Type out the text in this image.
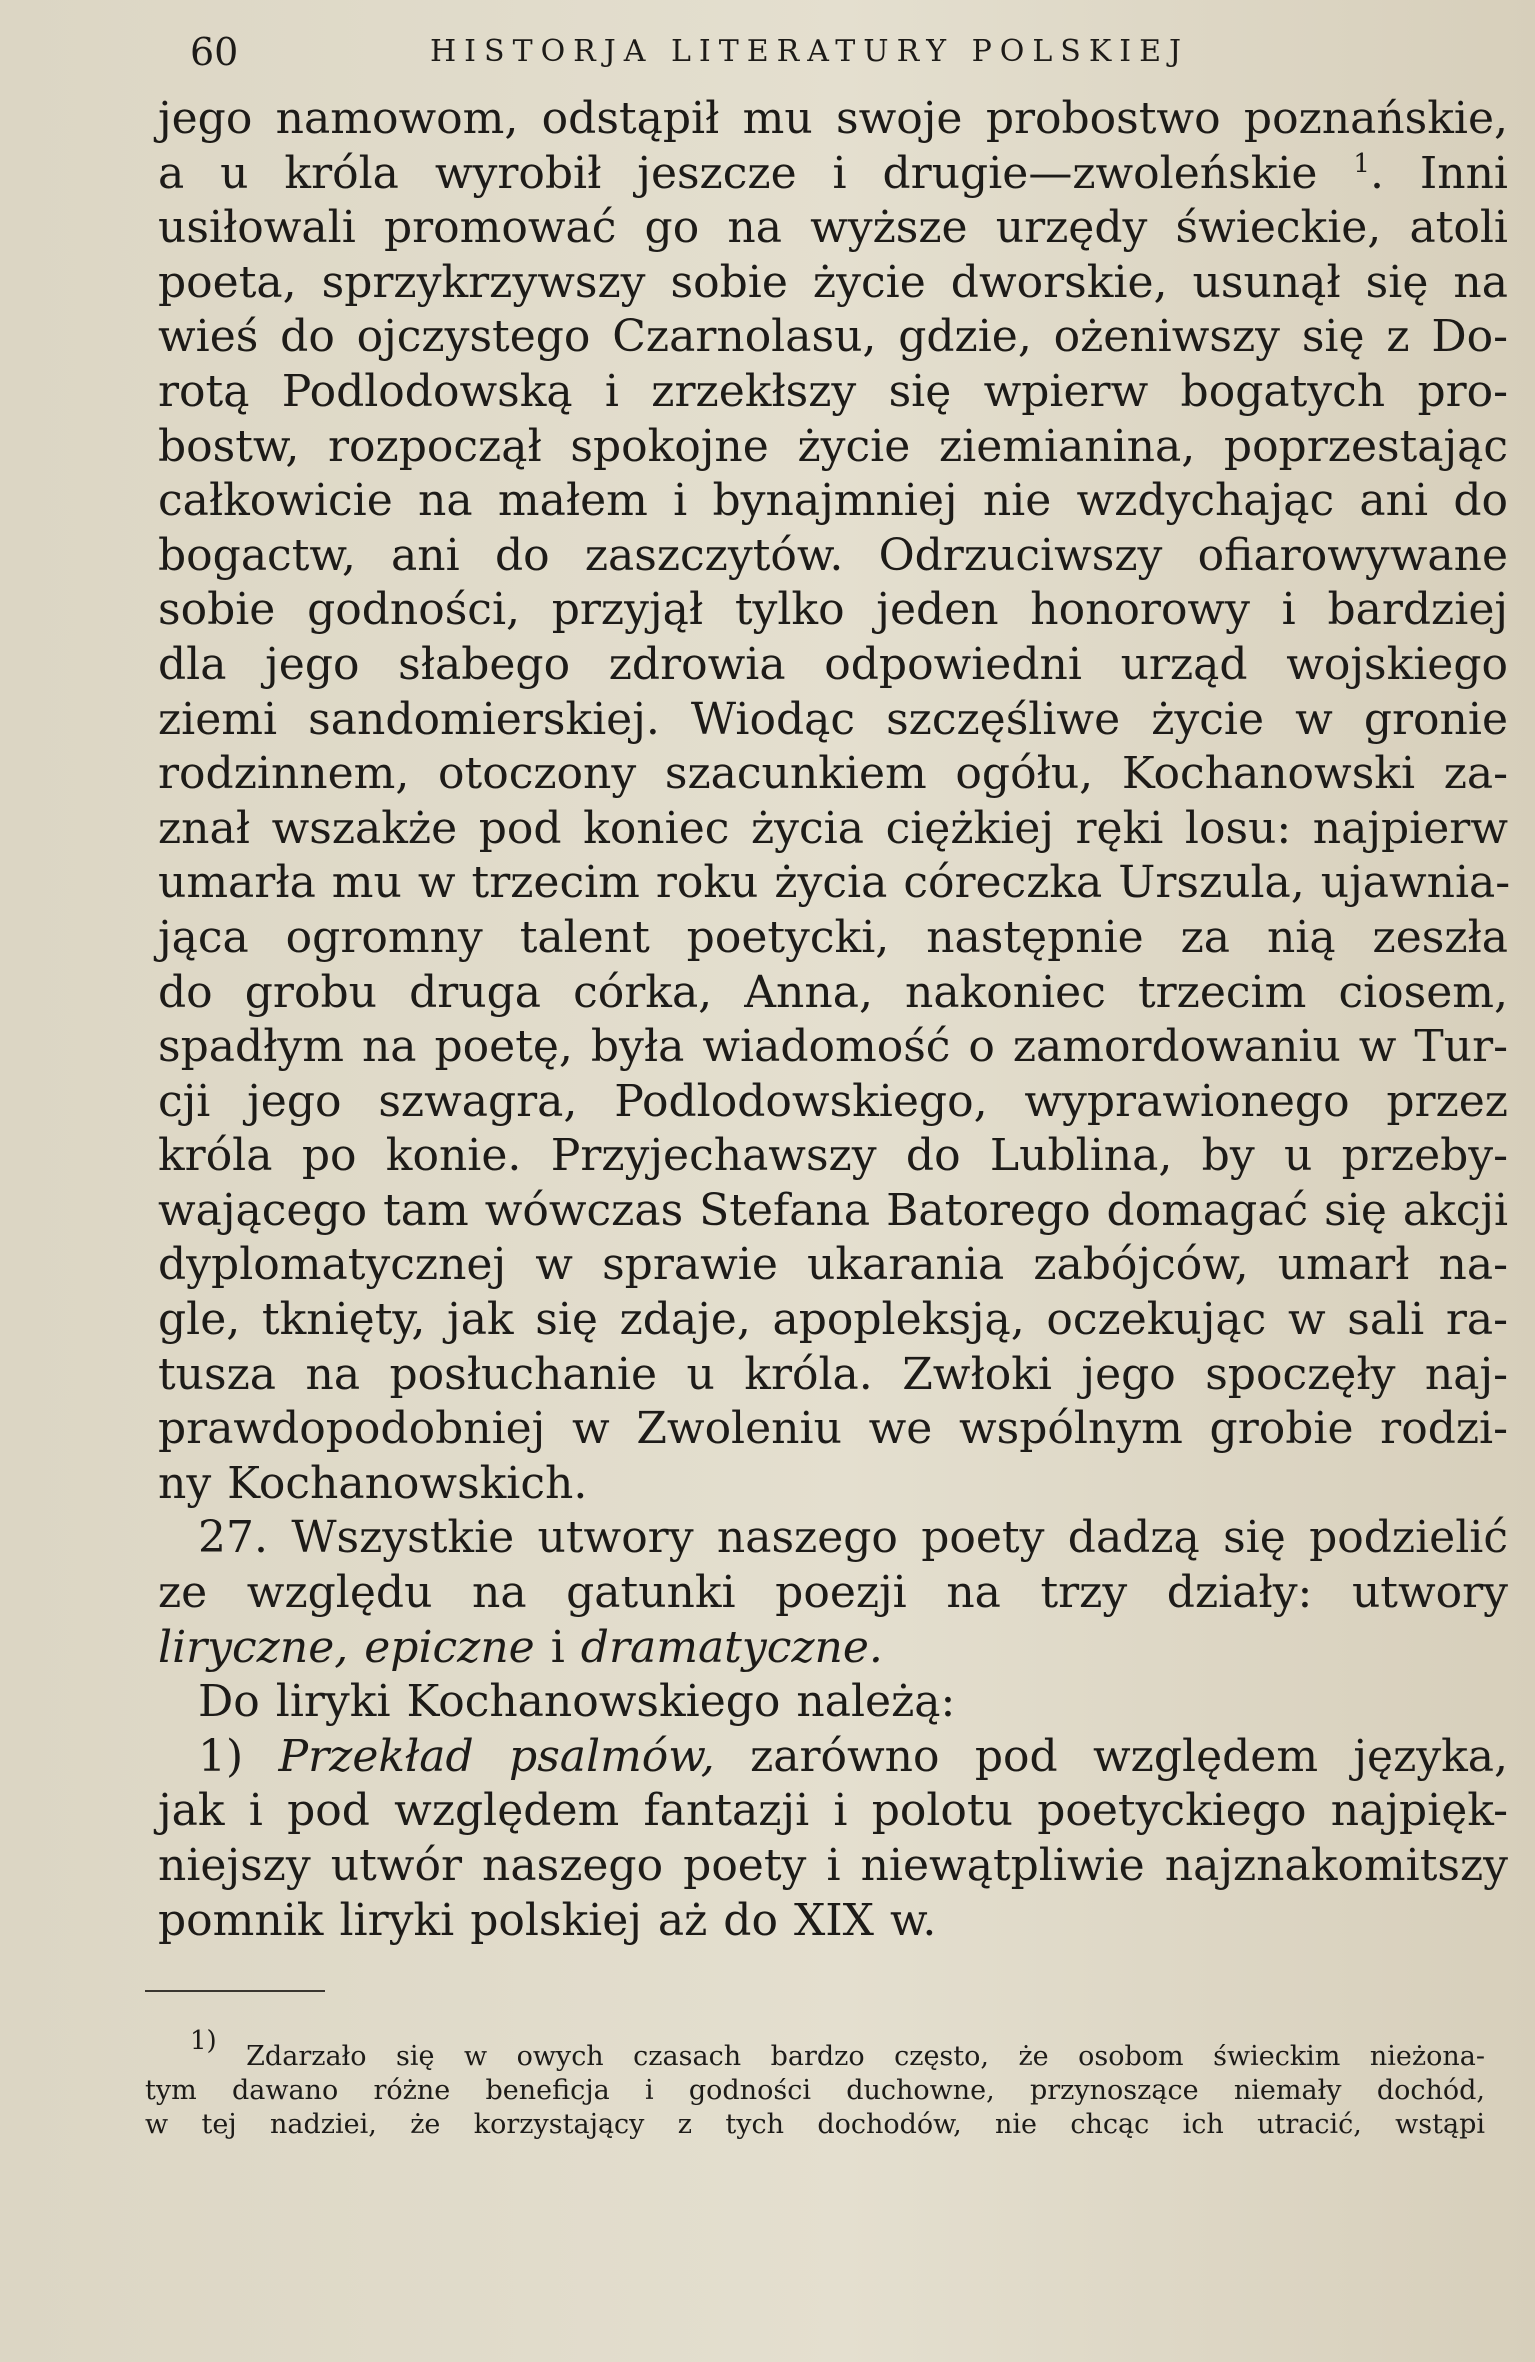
60	HISTORJA LITERATURY POLSKIEJ
jego namowom, odstąpił mu swoje probostwo poznańskie,
a u króla wyrobił jeszcze i drugie—zwoleńskie $^1$. Inni
usiłowali promować go na wyższe urzędy świeckie, atoli
poeta, sprzykrzywszy sobie życie dworskie, usunął się na
wieś do ojczystego Czarnolasu, gdzie, ożeniwszy się z Do-
rotą Podlodowską i zrzekłszy się wpierw bogatych pro-
bostw, rozpoczął spokojne życie ziemianina, poprzestając
całkowicie na małem i bynajmniej nie wzdychając ani do
bogactw, ani do zaszczytów. Odrzuciwszy ofiarowywane
sobie godności, przyjął tylko jeden honorowy i bardziej
dla jego słabego zdrowia odpowiedni urząd wojskiego
ziemi sandomierskiej. Wiodąc szczęśliwe życie w gronie
rodzinnem, otoczony szacunkiem ogółu, Kochanowski za-
znał wszakże pod koniec życia ciężkiej ręki losu: najpierw
umarła mu w trzecim roku życia córeczka Urszula, ujawnia-
jąca ogromny talent poetycki, następnie za nią zeszła
do grobu druga córka, Anna, nakoniec trzecim ciosem,
spadłym na poetę, była wiadomość o zamordowaniu w Tur-
cji jego szwagra, Podlodowskiego, wyprawionego przez
króla po konie. Przyjechawszy do Lublina, by u przeby-
wającego tam wówczas Stefana Batorego domagać się akcji
dyplomatycznej w sprawie ukarania zabójców, umarł na-
gle, tknięty, jak się zdaje, apopleksją, oczekując w sali ra-
tusza na posłuchanie u króla. Zwłoki jego spoczęły naj-
prawdopodobniej w Zwoleniu we wspólnym grobie rodzi-
ny Kochanowskich.
27. Wszystkie utwory naszego poety dadzą się podzielić
ze względu na gatunki poezji na trzy działy: utwory
liryczne, epiczne i dramatyczne.
Do liryki Kochanowskiego należą:
1) Przekład psalmów, zarówno pod względem języka,
jak i pod względem fantazji i polotu poetyckiego najpięk-
niejszy utwór naszego poety i niewątpliwie najznakomitszy
pomnik liryki polskiej aż do XIX w.
$^{1)}$ Zdarzało się w owych czasach bardzo często, że osobom świeckim nieżona-
tym dawano różne beneficja i godności duchowne, przynoszące niemały dochód,
w tej nadziei, że korzystający z tych dochodów, nie chcąc ich utracić, wstąpi
